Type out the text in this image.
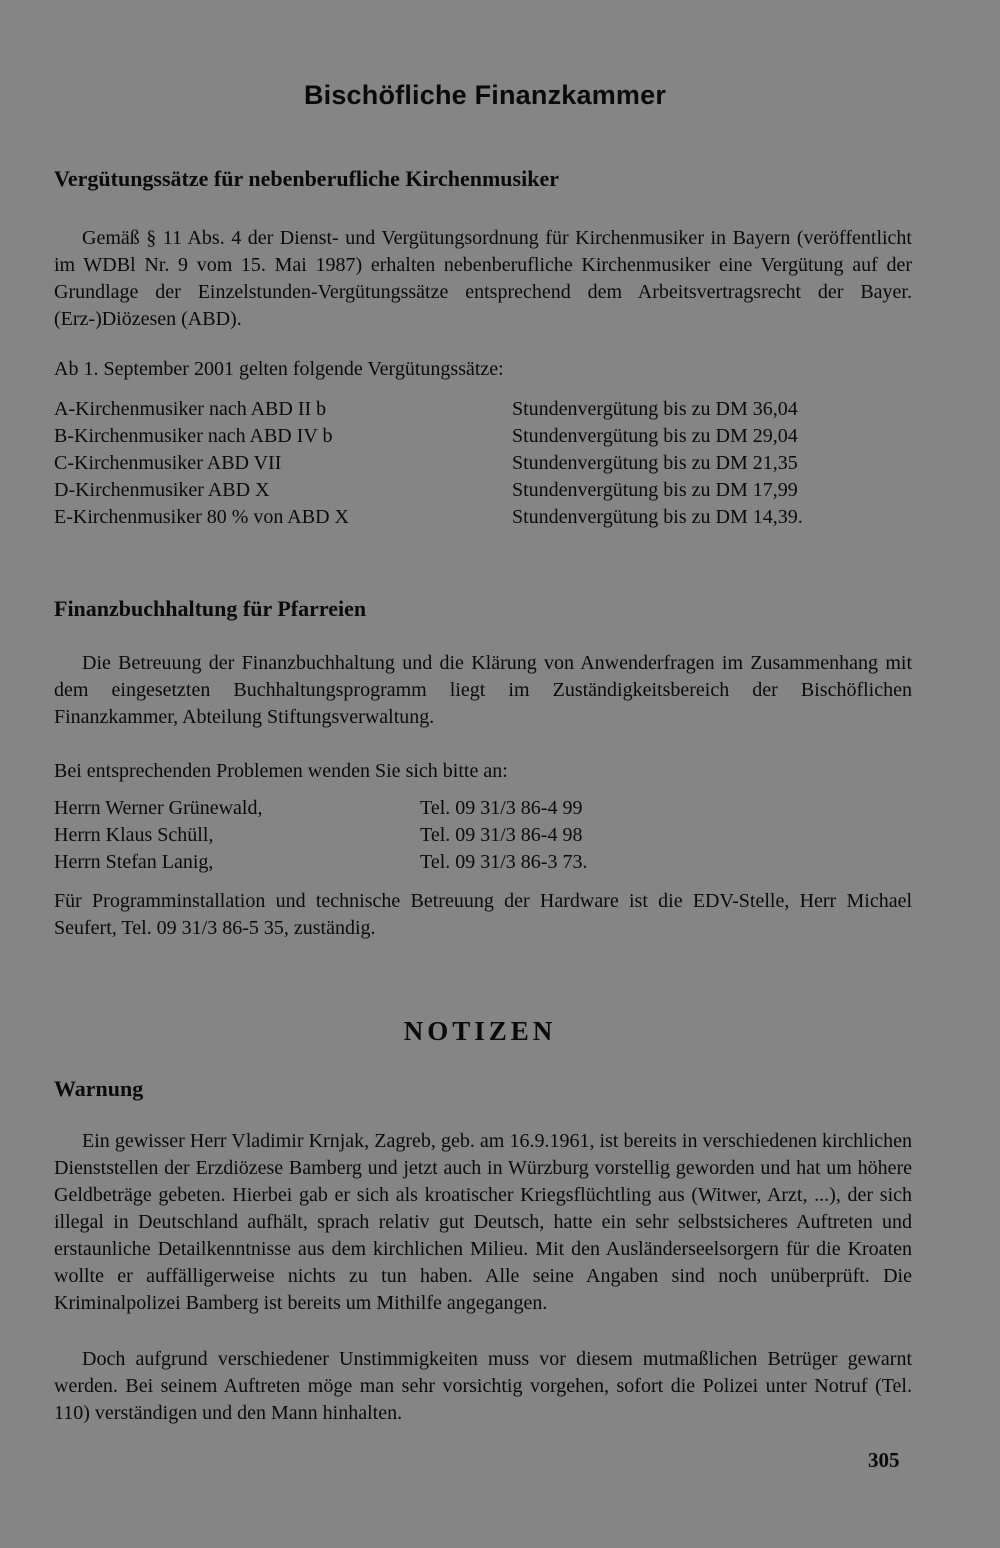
Bischöfliche Finanzkammer
Vergütungssätze für nebenberufliche Kirchenmusiker

Gemäß § 11 Abs. 4 der Dienst- und Vergütungsordnung für Kirchenmusiker in Bayern (veröffentlicht im WDBl Nr. 9 vom 15. Mai 1987) erhalten nebenberufliche Kirchenmusiker eine Vergütung auf der Grundlage der Einzelstunden-Vergütungssätze entsprechend dem Arbeitsvertragsrecht der Bayer. (Erz-)Diözesen (ABD).

Ab 1. September 2001 gelten folgende Vergütungssätze:

A-Kirchenmusiker nach ABD II b	Stundenvergütung bis zu DM 36,04
B-Kirchenmusiker nach ABD IV b	Stundenvergütung bis zu DM 29,04
C-Kirchenmusiker ABD VII	Stundenvergütung bis zu DM 21,35
D-Kirchenmusiker ABD X	Stundenvergütung bis zu DM 17,99
E-Kirchenmusiker 80 % von ABD X	Stundenvergütung bis zu DM 14,39.
Finanzbuchhaltung für Pfarreien

Die Betreuung der Finanzbuchhaltung und die Klärung von Anwenderfragen im Zusammenhang mit dem eingesetzten Buchhaltungsprogramm liegt im Zuständigkeitsbereich der Bischöflichen Finanzkammer, Abteilung Stiftungsverwaltung.

Bei entsprechenden Problemen wenden Sie sich bitte an:

Herrn Werner Grünewald,	Tel. 09 31/3 86-4 99
Herrn Klaus Schüll,	Tel. 09 31/3 86-4 98
Herrn Stefan Lanig,	Tel. 09 31/3 86-3 73.

Für Programminstallation und technische Betreuung der Hardware ist die EDV-Stelle, Herr Michael Seufert, Tel. 09 31/3 86-5 35, zuständig.

NOTIZEN
Warnung

Ein gewisser Herr Vladimir Krnjak, Zagreb, geb. am 16.9.1961, ist bereits in verschiedenen kirchlichen Dienststellen der Erzdiözese Bamberg und jetzt auch in Würzburg vorstellig geworden und hat um höhere Geldbeträge gebeten. Hierbei gab er sich als kroatischer Kriegsflüchtling aus (Witwer, Arzt, ...), der sich illegal in Deutschland aufhält, sprach relativ gut Deutsch, hatte ein sehr selbstsicheres Auftreten und erstaunliche Detailkenntnisse aus dem kirchlichen Milieu. Mit den Ausländerseelsorgern für die Kroaten wollte er auffälligerweise nichts zu tun haben. Alle seine Angaben sind noch unüberprüft. Die Kriminalpolizei Bamberg ist bereits um Mithilfe angegangen.

Doch aufgrund verschiedener Unstimmigkeiten muss vor diesem mutmaßlichen Betrüger gewarnt werden. Bei seinem Auftreten möge man sehr vorsichtig vorgehen, sofort die Polizei unter Notruf (Tel. 110) verständigen und den Mann hinhalten.

305
